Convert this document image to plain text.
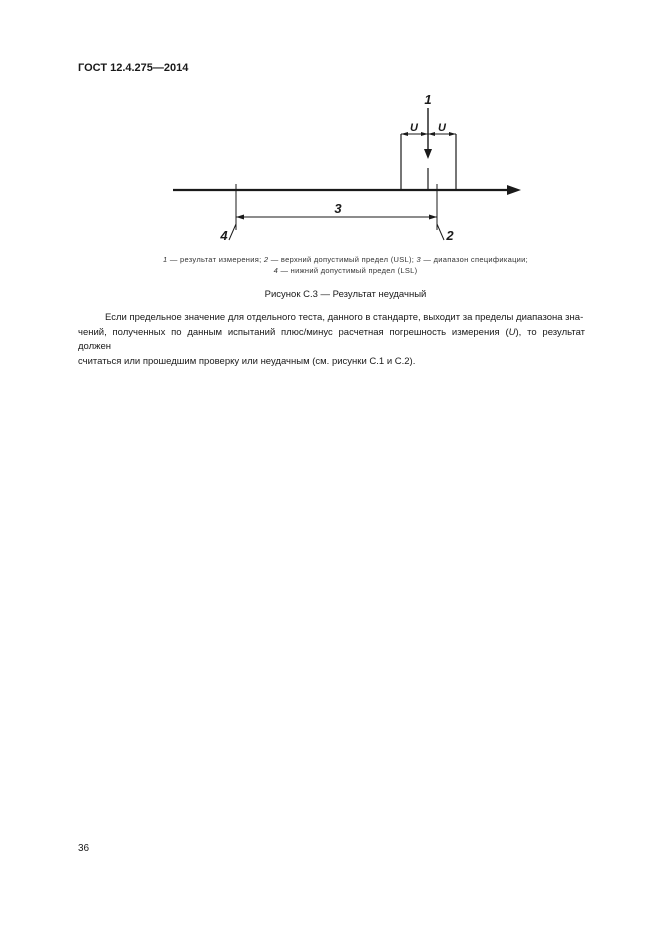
ГОСТ 12.4.275—2014
1
U U
3
4	2
1 — результат измерения; 2 — верхний допустимый предел (USL); 3 — диапазон спецификации;
4 — нижний допустимый предел (LSL)
Рисунок С.3 — Результат неудачный
Если предельное значение для отдельного теста, данного в стандарте, выходит за пределы диапазона зна-
чений, полученных по данным испытаний плюс/минус расчетная погрешность измерения (U), то результат должен
считаться или прошедшим проверку или неудачным (см. рисунки С.1 и С.2).
36
